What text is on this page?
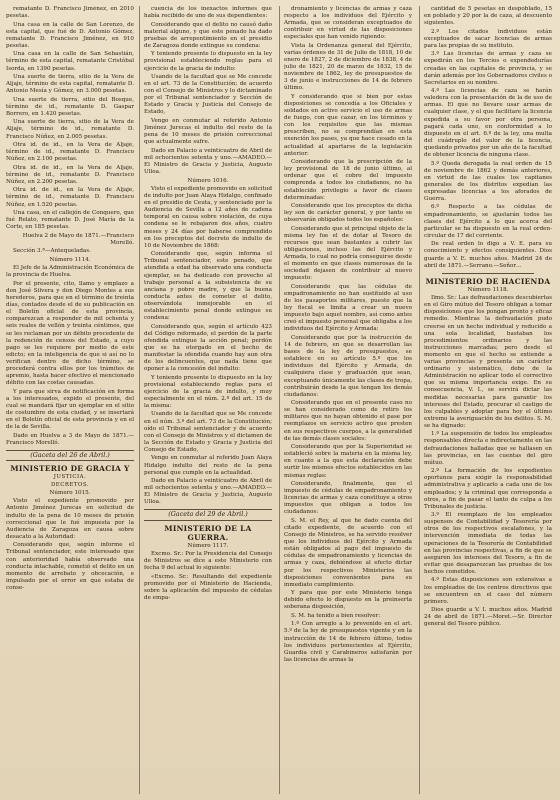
rematante D. Francisco Jiménez, en 2010 pesetas.

Una casa en la calle de San Lorenzo, de esta capital, que fué de D. Antonio Gómez, rematante D. Francisco Jiménez, en 910 pesetas.

Una casa en la calle de San Sebastián, término de esta capital, rematante Cristóbal Isorda, en 1390 pesetas.

Una suerte de tierra, sitio de la Vera de Aljaje, término de esta capital, rematante D. Antonio Mesía y Gómez, en 3.000 pesetas.

Una suerte de tierra, sitio del Bosque, término de id., rematante D. Gaspar Borrero, en 1.420 pesetas.

Una suerte de tierra, sitio de la Vera de Aljaje, término de id., rematante D. Francisco Núñez, en 2.005 pesetas.

Otra id. de id., en la Vera de Aljaje, término de id., rematante D. Francisco Núñez, en 2.100 pesetas.

Otra id. de id., en la Vera de Aljaje, término de id., rematante D. Francisco Núñez, en 2.200 pesetas.

Otra id. de id., en la Vera de Aljaje, término de id., rematante D. Francisco Núñez, en 1.520 pesetas.

Una casa, en el callejón de Conquero, que fué Relato, rematante D. José María de la Corte, en 185 pesetas.

Huelva 2 de Mayo de 1871.—Francisco Morelló.

Sección 3.ª—Antequeladas.

Número 1114.

El Jefe de la Administración Económica de la provincia de Huelva.

Por el presente, cito, llamo y emplazo a don José Silvera y don Diego Montes a sus herederos, para que en el término de treinta días, contados desde el de su publicación en el Boletín oficial de esta provincia, comparezcan a responder de mil ochenta y seis reales de vellón y treinta céntimos, que se les reclaman por un débito procedente de la redención de censos del Estado, a cuyo pago se les requiere por medio de este edicto; en la inteligencia de que si así no lo verifican dentro de dicho término, se procederá contra ellos por los trámites de apremio, hasta hacer efectivo el mencionado débito con las costas causadas.

Y para que sirva de notificación en forma a los interesados, expido el presente, del cual se mandará fijar un ejemplar en el sitio de costumbre de esta ciudad, y se insertará en el Boletín oficial de esta provincia y en el de la de Sevilla.

Dado en Huelva a 3 de Mayo de 1871.—Francisco Morelló.

(Gaceta del 26 de Abril.)

MINISTERIO DE GRACIA Y

JUSTICIA.

DECRETOS.

Número 1015.

Visto el expediente promovido por Antonio Jiménez Jurecas en solicitud de indulto de la pena de 10 meses de prisión correccional que le fué impuesta por la Audiencia de Zaragoza en causa sobre desacato a la Autoridad:

Considerando que, según informe el Tribunal sentenciador, este interesado que con anterioridad había observado una conducta intachable, cometió el delito en un momento de arrebato y obcecación, e impulsado por el error en que estaba de conse-

cuencia de los inexactos informes que había recibido de uno de sus dependientes:

Considerando que el delito no causó daño material alguno, y que este penado ha dado pruebas de arrepentimiento en el presidio de Zaragoza donde extingue su condena:

Y teniendo presente lo dispuesto en la ley provisional estableciendo reglas para el ejercicio de la gracia de indulto:

Usando de la facultad que se Me concede en el art. 73 de la Constitución; de acuerdo con el Consejo de Ministros y lo dictaminado por el Tribunal sentenciador y Sección de Estado y Gracia y Justicia del Consejo de Estado,

Vengo en conmutar al referido Antonio Jiménez Jurecas el indulto del resto de la pena de 10 meses de prisión correccional que actualmente sufre.

Dado en Palacio a veinticuatro de Abril de mil ochocientos setenta y uno.—AMADEO.—El Ministro de Gracia y Justicia, Augusto Ulloa.

Número 1016.

Visto el expediente promovido en solicitud de indulto por Juan Alaya Hidalgo, confinado en el presidio de Ceuta, y sentenciado por la Audiencia de Sevilla a 12 años de cadena temporal en causa sobre violación, de cuya condena se le rebajaron dos años, cuatro meses y 24 días por haberse comprendido en los preceptos del decreto de indulto de 10 de Noviembre de 1868:

Considerando que, según informa el Tribunal sentenciador, este penado, que atendida a edad ha observado una conducta ejemplar, se ha dedicado con provecho al trabajo personal a la subsistencia de su anciana y pobre madre, y que la buena conducta antes de cometer el delito, observándola inmejorable en el establecimiento penal donde extingue su condena:

Considerando que, según el artículo 423 del Código reformado, el perdón de la parte ofendida extingue la acción penal; perdón que se ha otorgado en el hecho de manifestar la ofendida cuando hay aun otra de los delincuentes, que nada tiene que oponer a la concesión del indulto:

Y teniendo presente lo dispuesto en la ley provisional estableciendo reglas para el ejercicio de la gracia de indulto, y muy especialmente en el núm. 2.º del art. 15 de la misma:

Usando de la facultad que se Me concede en el núm. 3.º del art. 73 de la Constitución; oído el Tribunal sentenciador y de acuerdo con el Consejo de Ministros y el dictamen de la Sección de Estado y Gracia y Justicia del Consejo de Estado,

Vengo en conmutar al referido Juan Alaya Hidalgo indulto del resto de la pena personal que cumple en la actualidad.

Dado en Palacio a veinticuatro de Abril de mil ochocientos setenta y uno.—AMADEO.—El Ministro de Gracia y Justicia, Augusto Ulloa.

(Gaceta del 29 de Abril.)

MINISTERIO DE LA GUERRA.

Número 1117.

Excmo. Sr.: Por la Presidencia del Consejo de Ministros se dice a este Ministerio con fecha 9 del actual lo siguiente:

«Excmo. Sr.: Resultando del expediente promovido por el Ministerio de Hacienda, sobre la aplicación del impuesto de cédulas de empa-

dronamiento y licencias de armas y caza respecto a los individuos del Ejército y Armada, que se consideran exceptuados de contribuir en virtud de las disposiciones especiales que han venido rigiendo:

Vista la Ordenanza general del Ejército, varias órdenes de 31 de Julio de 1818, 10 de enero de 1827, 2 de diciembre de 1838, 4 de julio de 1821, 20 de marzo de 1832, 15 de noviembre de 1862, ley de presupuestos de 3 de junio e instrucciones de 14 de febrero último.

Y considerando que si bien por estas disposiciones se concedía a los Oficiales y soldados en activo servicio el uso de armas de fuego, con que cazar, en los términos y con los requisitos que las mismas prescriben, no se comprendían en esta exención los pases, ya que hace cesado en la actualidad al apartarse de la legislación anterior:

Considerando que la prescripción de la ley provisional de 18 de junio último, al ordenar que el cobro del impuesto comprenda a todos los ciudadanos, no ha establecido privilegio a favor de clases determinadas:

Considerando que los preceptos de dicha ley son de carácter general, y por tanto se observarán obligados todos los españoles:

Considerando que el principal objeto de la misma ley fue el de dotar al Tesoro de recursos que sean bastantes a cubrir las obligaciones, incluso las del Ejército y Armada, lo cual no podría conseguirse desde el momento en que clases numerosas de la sociedad dejasen de contribuir al nuevo impuesto:

Considerando que las cédulas de empadronamiento no han sustituido al uso de los pasaportes militares, puesto que la ley fiscal se limita a crear un nuevo impuesto bajo aquel nombre, así como antes creó el impuesto personal que obligaba a los individuos del Ejército y Armada:

Considerando que por la instrucción de 14 de febrero, en que se desarrollan las bases de la ley de presupuestos, se establece en su artículo 5.º que los individuos del Ejército y Armada, de cualquiera clase y graduación que sean, exceptuando únicamente las clases de tropa, contribuirán desde la que tengan los demás ciudadanos:

Considerando que en el presente caso no se han considerado como de retiro los militares que no hayan obtenido el pase por reemplazos en servicio activo que presten en sus respectivos cuerpos, a la generalidad de las demás clases sociales:

Considerando que por la Superioridad se estableció sobre la materia en la misma ley, en cuanto a la que esta declaración debe surtir los mismos efectos establecidos en las mismas reglas:

Considerando, finalmente, que el impuesto de cédulas de empadronamiento y licencias de armas y caza constituye a otros impuestos que obligan a todos los ciudadanos:

S. M. el Rey, al que he dado cuenta del citado expediente, de acuerdo con el Consejo de Ministros, se ha servido resolver que los individuos del Ejército y Armada están obligados al pago del impuesto de cédulas de empadronamiento y licencias de armas y caza, debiéndose al efecto dictar por los respectivos Ministerios las disposiciones convenientes para su inmediato cumplimiento.

Y para que por este Ministerio tenga debido efecto lo dispuesto en la preinserta soberana disposición,

S. M. ha tenido a bien resolver:

1.º Con arreglo a lo prevenido en el art. 5.º de la ley de presupuestos vigente y en la instrucción de 14 de febrero último, todos los individuos pertenecientes al Ejército, Guardia civil y Carabineros satisfarán por las licencias de armas la

cantidad de 5 pesetas en despoblado, 15 en poblado y 20 por la de caza, al descuento siguientes.

2.º Los citados individuos están exceptuados de sacar licencias de armas para las propias de su instituto.

3.º Las licencias de armas y caza se expedirán en los Tercios o expendedurías creadas en las capitales de provincia, y se darán además por los Gobernadores civiles o Secretarios en su nombre.

4.º Las licencias de caza se harán valedera con la presentación de la de uso de armas. El que no llevare usar armas de cualquier clase, y el que facilitare la licencia expedida a su favor por otra persona, pagará cada uno, en conformidad a lo dispuesto en el art. 6.º de la ley, una multa del cuádruplo del valor de la licencia, quedando privados por un año de la facultad de obtener licencia de ninguna clase.

5.º Queda derogada la real orden de 15 de noviembre de 1862 y demás anteriores, en virtud de las cuales los capitanes generales de los distritos expedían las expresadas licencias a los aforados de Guerra.

6.º Respecto a las cédulas de empadronamiento, se ajustarán todos las clases del Ejército a lo que acerca del particular se ha dispuesto en la real orden-circular de 17 del corriente.

De real orden lo digo a V. E. para su conocimiento y efectos consiguientes. Dios guarde a V. E. muchos años. Madrid 24 de abril de 1871.—Serrano.—Señor…

MINISTERIO DE HACIENDA

Número 1118.

Ilmo. Sr.: Las defraudaciones descubiertas en el Giro mútuo del Tesoro obligan a tomar disposiciones que los pongan pronto y eficaz remedio. Mientras la defraudación pudo creerse en un hecho individual y reducido a una sola localidad, bastaban los procedimientos ordinarios y las instrucciones marcadas; pero desde el momento en que el hecho se extiende a varias provincias y presenta un carácter ordinario y sistemático, debe de la Administración no aplicar todo el correctivo que su misma importancia exige. En su consecuencia, V. I., se servirá dictar las medidas necesarias para garantir los intereses del Estado, procurar el castigo de los culpables y adoptar para hoy el último extremo la averiguación de los delitos. S. M. se ha dignado:

1.º La suspensión de todos los empleados responsables directa e indirectamente en las defraudaciones halladas que se hallasen en las provincias, en las cuentas del giro mútuo.

2.º La formación de los expedientes oportunos para exigir la responsabilidad administrativa y aplicarlo a cada uno de los empleados; y la criminal que corresponda a otros, a fin de pasar el tanto de culpa a los Tribunales de justicia.

3.º El reemplazo de los empleados suspensos de Contabilidad y Tesorería por otros de los respectivos escalafones, y la intervención inmediata de todas las operaciones de la Tesorería de Contabilidad en las provincias respectivas, a fin de que se aseguren los intereses del Tesoro, a fin de evitar que desaparezcan las pruebas de los hechos cometidos.

4.º Estas disposiciones son extensivas a los empleados de los centros directivos que se encuentren en el caso del número primero.

Dios guarde a V. I. muchos años. Madrid 24 de abril de 1871.—Moret.—Sr. Director general del Tesoro público.
